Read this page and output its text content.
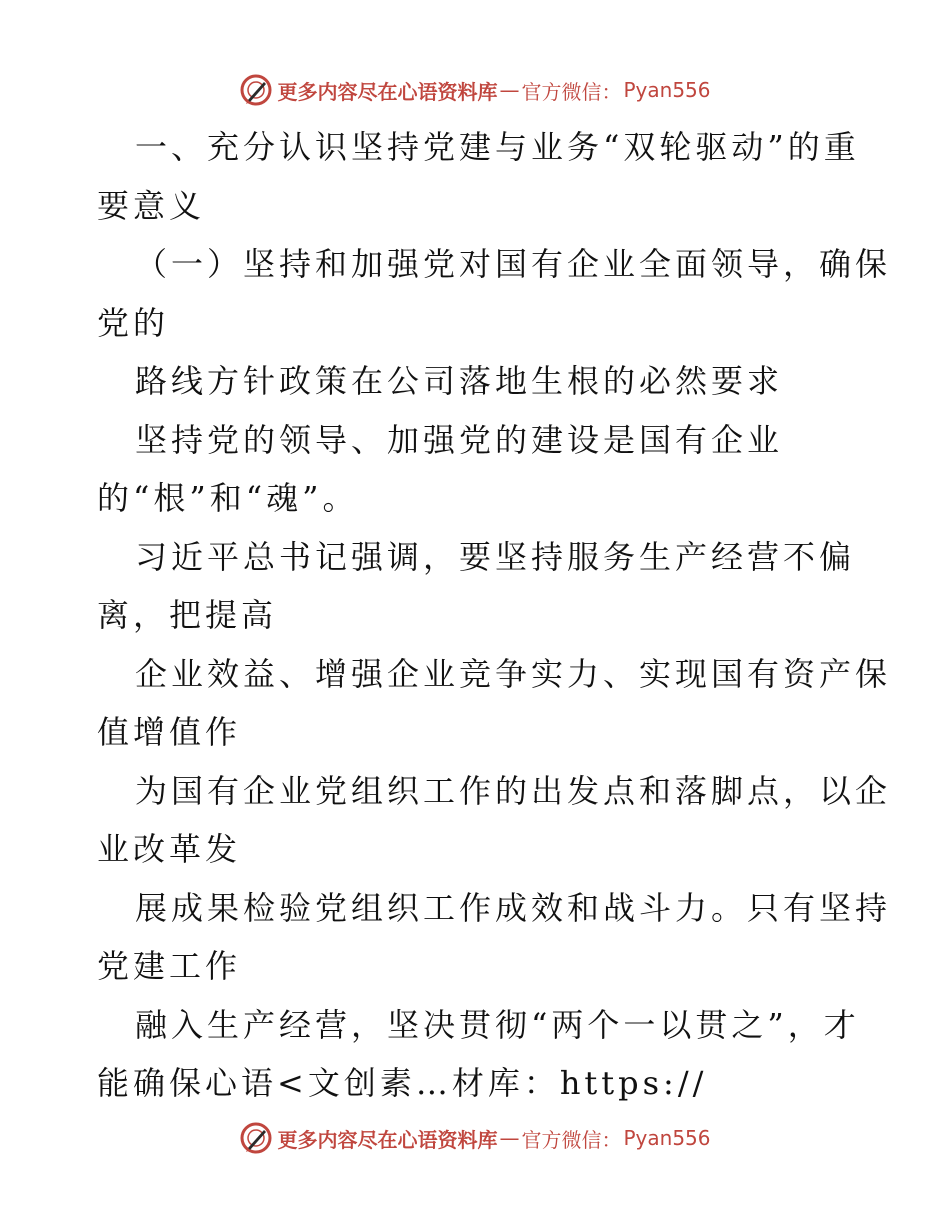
更多内容尽在心语资料库 — 官方微信： Pyan556
一、充分认识坚持党建与业务“双轮驱动”的重
要意义
（一）坚持和加强党对国有企业全面领导，确保
党的
路线方针政策在公司落地生根的必然要求
坚持党的领导、加强党的建设是国有企业
的“根”和“魂”。
习近平总书记强调，要坚持服务生产经营不偏
离，把提高
企业效益、增强企业竞争实力、实现国有资产保
值增值作
为国有企业党组织工作的出发点和落脚点，以企
业改革发
展成果检验党组织工作成效和战斗力。只有坚持
党建工作
融入生产经营，坚决贯彻“两个一以贯之”，才
能确保心语<文创素…材库：https://
更多内容尽在心语资料库 — 官方微信： Pyan556
